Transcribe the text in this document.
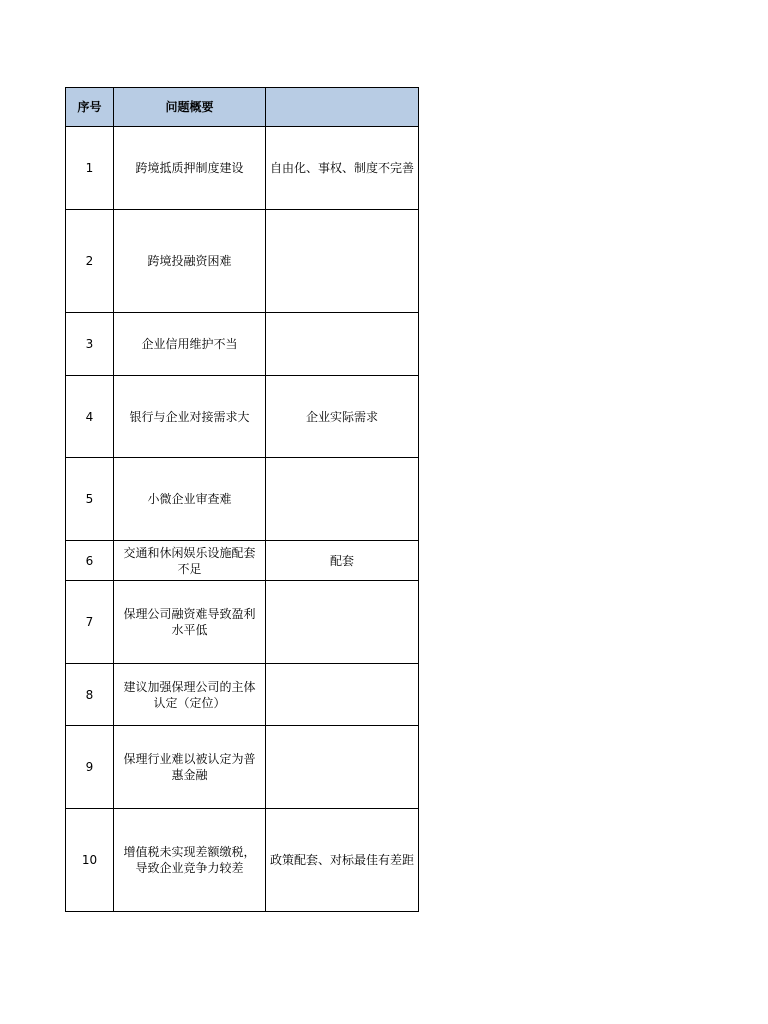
序号	问题概要	
1	跨境抵质押制度建设	自由化、事权、制度不完善
2	跨境投融资困难	
3	企业信用维护不当	
4	银行与企业对接需求大	企业实际需求
5	小微企业审查难	
6	交通和休闲娱乐设施配套不足	配套
7	保理公司融资难导致盈利水平低	
8	建议加强保理公司的主体认定（定位）	
9	保理行业难以被认定为普惠金融	
10	增值税未实现差额缴税，导致企业竞争力较差	政策配套、对标最佳有差距
